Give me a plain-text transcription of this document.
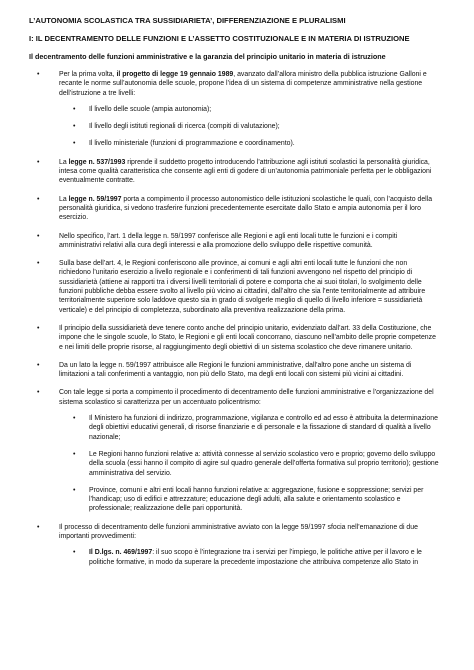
L’AUTONOMIA SCOLASTICA TRA SUSSIDIARIETA’, DIFFERENZIAZIONE E PLURALISMI
I: IL DECENTRAMENTO DELLE FUNZIONI E L’ASSETTO COSTITUZIONALE E IN MATERIA DI ISTRUZIONE
Il decentramento delle funzioni amministrative e la garanzia del principio unitario in materia di istruzione
• Per la prima volta, il progetto di legge 19 gennaio 1989, avanzato dall’allora ministro della pubblica istruzione Galloni e recante le norme sull’autonomia delle scuole, propone l’idea di un sistema di competenze amministrative nella gestione dell’istruzione a tre livelli:
• Il livello delle scuole (ampia autonomia);
• Il livello degli istituti regionali di ricerca (compiti di valutazione);
• Il livello ministeriale (funzioni di programmazione e coordinamento).
• La legge n. 537/1993 riprende il suddetto progetto introducendo l’attribuzione agli istituti scolastici la personalità giuridica, intesa come qualità caratteristica che consente agli enti di godere di un’autonomia patrimoniale perfetta per le obbligazioni eventualmente contratte.
• La legge n. 59/1997 porta a compimento il processo autonomistico delle istituzioni scolastiche le quali, con l’acquisto della personalità giuridica, si vedono trasferire funzioni precedentemente esercitate dallo Stato e ampia autonomia per il loro esercizio.
• Nello specifico, l’art. 1 della legge n. 59/1997 conferisce alle Regioni e agli enti locali tutte le funzioni e i compiti amministrativi relativi alla cura degli interessi e alla promozione dello sviluppo delle rispettive comunità.
• Sulla base dell’art. 4, le Regioni conferiscono alle province, ai comuni e agli altri enti locali tutte le funzioni che non richiedono l’unitario esercizio a livello regionale e i conferimenti di tali funzioni avvengono nel rispetto del principio di sussidiarietà (attiene ai rapporti tra i diversi livelli territoriali di potere e comporta che ai suoi titolari, lo svolgimento delle funzioni pubbliche debba essere svolto al livello più vicino ai cittadini, dall’altro che sia l’ente territorialmente ad attribuire territorialmente superiore solo laddove questo sia in grado di svolgerle meglio di quello di livello inferiore = sussidiarietà verticale) e del principio di completezza, subordinato alla preventiva realizzazione della prima.
• Il principio della sussidiarietà deve tenere conto anche del principio unitario, evidenziato dall’art. 33 della Costituzione, che impone che le singole scuole, lo Stato, le Regioni e gli enti locali concorrano, ciascuno nell’ambito delle proprie competenze e nei limiti delle proprie risorse, al raggiungimento degli obiettivi di un sistema scolastico che deve rimanere unitario.
• Da un lato la legge n. 59/1997 attribuisce alle Regioni le funzioni amministrative, dall’altro pone anche un sistema di limitazioni a tali conferimenti a vantaggio, non più dello Stato, ma degli enti locali con sistemi più vicini ai cittadini.
• Con tale legge si porta a compimento il procedimento di decentramento delle funzioni amministrative e l’organizzazione del sistema scolastico si caratterizza per un accentuato policentrismo:
• Il Ministero ha funzioni di indirizzo, programmazione, vigilanza e controllo ed ad esso è attribuita la determinazione degli obiettivi educativi generali, di risorse finanziarie e di personale e la fissazione di standard di qualità a livello nazionale;
• Le Regioni hanno funzioni relative a: attività connesse al servizio scolastico vero e proprio; governo dello sviluppo della scuola (essi hanno il compito di agire sul quadro generale dell’offerta formativa sul proprio territorio); gestione amministrativa del servizio.
• Province, comuni e altri enti locali hanno funzioni relative a: aggregazione, fusione e soppressione; servizi per l’handicap; uso di edifici e attrezzature; educazione degli adulti, alla salute e orientamento scolastico e professionale; realizzazione delle pari opportunità.
• Il processo di decentramento delle funzioni amministrative avviato con la legge 59/1997 sfocia nell’emanazione di due importanti provvedimenti:
• Il D.lgs. n. 469/1997: il suo scopo è l’integrazione tra i servizi per l’impiego, le politiche attive per il lavoro e le politiche formative, in modo da superare la precedente impostazione che attribuiva competenze allo Stato in
